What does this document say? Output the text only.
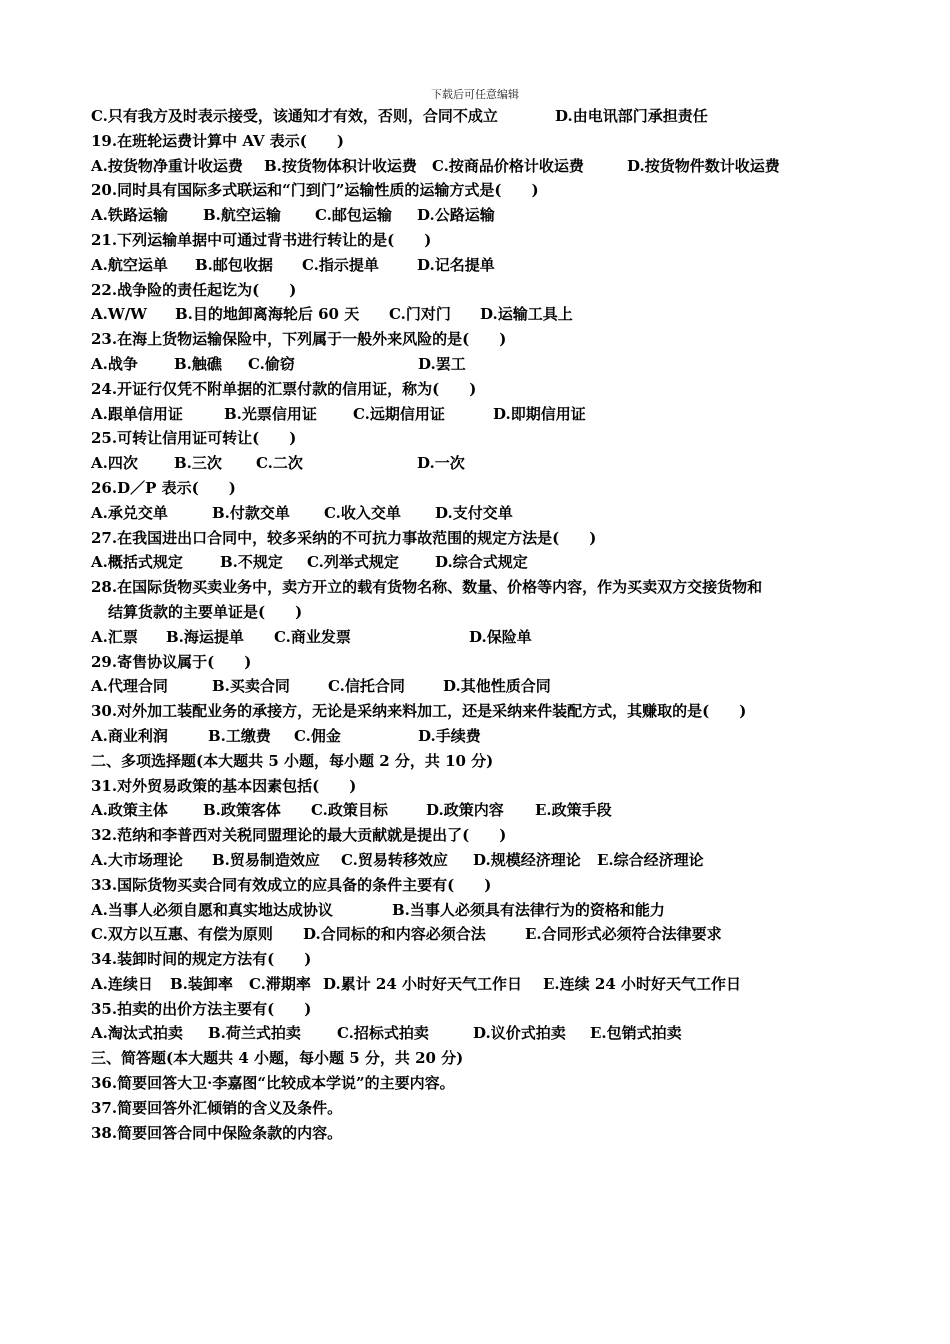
下载后可任意编辑
C.只有我方及时表示接受，该通知才有效，否则，合同不成立	D.由电讯部门承担责任
19.在班轮运费计算中 AV 表示(　　)
A.按货物净重计收运费 B.按货物体积计收运费 C.按商品价格计收运费	D.按货物件数计收运费
20.同时具有国际多式联运和“门到门”运输性质的运输方式是(　　)
A.铁路运输 B.航空运输 C.邮包运输 D.公路运输
21.下列运输单据中可通过背书进行转让的是(　　)
A.航空运单 B.邮包收据 C.指示提单	D.记名提单
22.战争险的责任起讫为(　　)
A.W/W B.目的地卸离海轮后 60 天 C.门对门 D.运输工具上
23.在海上货物运输保险中，下列属于一般外来风险的是(　　)
A.战争 B.触礁 C.偷窃	D.罢工
24.开证行仅凭不附单据的汇票付款的信用证，称为(　　)
A.跟单信用证	B.光票信用证 C.远期信用证	D.即期信用证
25.可转让信用证可转让(　　)
A.四次 B.三次 C.二次	D.一次
26.D／P 表示(　　)
A.承兑交单	B.付款交单 C.收入交单 D.支付交单
27.在我国进出口合同中，较多采纳的不可抗力事故范围的规定方法是(　　)
A.概括式规定 B.不规定 C.列举式规定 D.综合式规定
28.在国际货物买卖业务中，卖方开立的载有货物名称、数量、价格等内容，作为买卖双方交接货物和
结算货款的主要单证是(　　)
A.汇票 B.海运提单 C.商业发票	D.保险单
29.寄售协议属于(　　)
A.代理合同	B.买卖合同	C.信托合同	D.其他性质合同
30.对外加工装配业务的承接方，无论是采纳来料加工，还是采纳来件装配方式，其赚取的是(　　)
A.商业利润	B.工缴费 C.佣金	D.手续费
二、多项选择题(本大题共 5 小题，每小题 2 分，共 10 分)
31.对外贸易政策的基本因素包括(　　)
A.政策主体 B.政策客体 C.政策目标	D.政策内容 E.政策手段
32.范纳和李普西对关税同盟理论的最大贡献就是提出了(　　)
A.大市场理论 B.贸易制造效应 C.贸易转移效应 D.规模经济理论 E.综合经济理论
33.国际货物买卖合同有效成立的应具备的条件主要有(　　)
A.当事人必须自愿和真实地达成协议	B.当事人必须具有法律行为的资格和能力
C.双方以互惠、有偿为原则 D.合同标的和内容必须合法	E.合同形式必须符合法律要求
34.装卸时间的规定方法有(　　)
A.连续日 B.装卸率 C.滞期率 D.累计 24 小时好天气工作日 E.连续 24 小时好天气工作日
35.拍卖的出价方法主要有(　　)
A.淘汰式拍卖 B.荷兰式拍卖 C.招标式拍卖	D.议价式拍卖 E.包销式拍卖
三、简答题(本大题共 4 小题，每小题 5 分，共 20 分)
36.简要回答大卫·李嘉图“比较成本学说”的主要内容。
37.简要回答外汇倾销的含义及条件。
38.简要回答合同中保险条款的内容。
